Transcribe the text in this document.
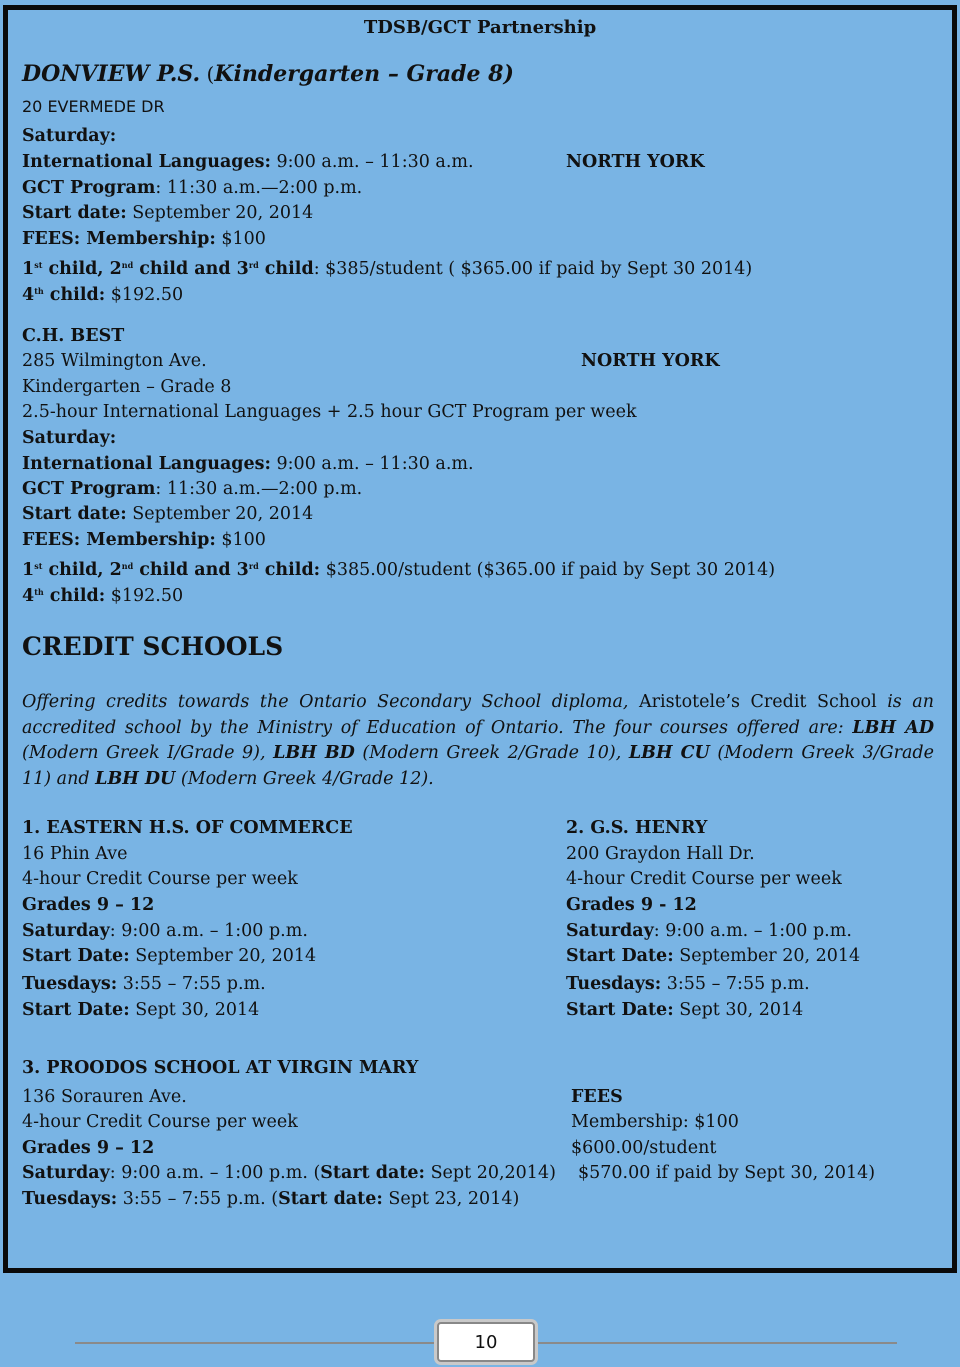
TDSB/GCT Partnership
DONVIEW P.S. (Kindergarten – Grade 8)
20 EVERMEDE DR
Saturday:
International Languages: 9:00 a.m. – 11:30 a.m.	NORTH YORK
GCT Program: 11:30 a.m.—2:00 p.m.
Start date: September 20, 2014
FEES: Membership: $100
1st child, 2nd child and 3rd child: $385/student ( $365.00 if paid by Sept 30 2014)
4th child: $192.50
C.H. BEST
285 Wilmington Ave.	NORTH YORK
Kindergarten – Grade 8
2.5-hour International Languages + 2.5 hour GCT Program per week
Saturday:
International Languages: 9:00 a.m. – 11:30 a.m.
GCT Program: 11:30 a.m.—2:00 p.m.
Start date: September 20, 2014
FEES: Membership: $100
1st child, 2nd child and 3rd child: $385.00/student ($365.00 if paid by Sept 30 2014)
4th child: $192.50
CREDIT SCHOOLS
Offering credits towards the Ontario Secondary School diploma, Aristotele’s Credit School is an accredited school by the Ministry of Education of Ontario. The four courses offered are: LBH AD (Modern Greek I/Grade 9), LBH BD (Modern Greek 2/Grade 10), LBH CU (Modern Greek 3/Grade 11) and LBH DU (Modern Greek 4/Grade 12).
1. EASTERN H.S. OF COMMERCE
16 Phin Ave
4-hour Credit Course per week
Grades 9 – 12
Saturday: 9:00 a.m. – 1:00 p.m.
Start Date: September 20, 2014
Tuesdays: 3:55 – 7:55 p.m.
Start Date: Sept 30, 2014
2. G.S. HENRY
200 Graydon Hall Dr.
4-hour Credit Course per week
Grades 9 - 12
Saturday: 9:00 a.m. – 1:00 p.m.
Start Date: September 20, 2014
Tuesdays: 3:55 – 7:55 p.m.
Start Date: Sept 30, 2014
3. PROODOS SCHOOL AT VIRGIN MARY
136 Sorauren Ave.
4-hour Credit Course per week
Grades 9 – 12
Saturday: 9:00 a.m. – 1:00 p.m. (Start date: Sept 20,2014)
Tuesdays: 3:55 – 7:55 p.m. (Start date: Sept 23, 2014)
FEES
Membership: $100
$600.00/student
$570.00 if paid by Sept 30, 2014)
10
